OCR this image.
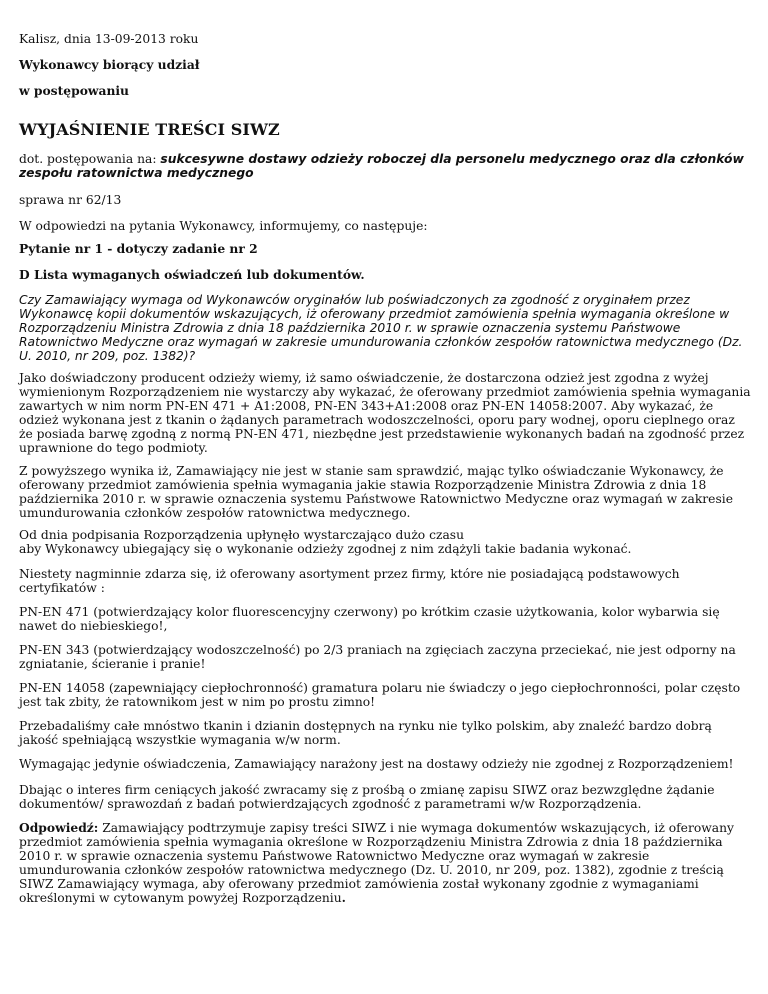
Kalisz, dnia 13-09-2013 roku

Wykonawcy biorący udział

w postępowaniu

WYJAŚNIENIE TREŚCI SIWZ

dot. postępowania na: sukcesywne dostawy odzieży roboczej dla personelu medycznego oraz dla członków zespołu ratownictwa medycznego

sprawa nr 62/13

W odpowiedzi na pytania Wykonawcy, informujemy, co następuje:

Pytanie nr 1 - dotyczy zadanie nr 2

D Lista wymaganych oświadczeń lub dokumentów.

Czy Zamawiający wymaga od Wykonawców oryginałów lub poświadczonych za zgodność z oryginałem przez Wykonawcę kopii dokumentów wskazujących, iż oferowany przedmiot zamówienia spełnia wymagania określone w Rozporządzeniu Ministra Zdrowia z dnia 18 października 2010 r. w sprawie oznaczenia systemu Państwowe Ratownictwo Medyczne oraz wymagań w zakresie umundurowania członków zespołów ratownictwa medycznego (Dz. U. 2010, nr 209, poz. 1382)?

Jako doświadczony producent odzieży wiemy, iż samo oświadczenie, że dostarczona odzież jest zgodna z wyżej wymienionym Rozporządzeniem nie wystarczy aby wykazać, że oferowany przedmiot zamówienia spełnia wymagania zawartych w nim norm PN-EN 471 + A1:2008, PN-EN 343+A1:2008 oraz PN-EN 14058:2007. Aby wykazać, że odzież wykonana jest z tkanin o żądanych parametrach wodoszczelności, oporu pary wodnej, oporu cieplnego oraz że posiada barwę zgodną z normą PN-EN 471, niezbędne jest przedstawienie wykonanych badań na zgodność przez uprawnione do tego podmioty.

Z powyższego wynika iż, Zamawiający nie jest w stanie sam sprawdzić, mając tylko oświadczanie Wykonawcy, że oferowany przedmiot zamówienia spełnia wymagania jakie stawia Rozporządzenie Ministra Zdrowia z dnia 18 października 2010 r. w sprawie oznaczenia systemu Państwowe Ratownictwo Medyczne oraz wymagań w zakresie umundurowania członków zespołów ratownictwa medycznego.

Od dnia podpisania Rozporządzenia upłynęło wystarczająco dużo czasu
aby Wykonawcy ubiegający się o wykonanie odzieży zgodnej z nim zdążyli takie badania wykonać.

Niestety nagminnie zdarza się, iż oferowany asortyment przez firmy, które nie posiadającą podstawowych certyfikatów :

PN-EN 471 (potwierdzający kolor fluorescencyjny czerwony) po krótkim czasie użytkowania, kolor wybarwia się nawet do niebieskiego!,

PN-EN 343 (potwierdzający wodoszczelność) po 2/3 praniach na zgięciach zaczyna przeciekać, nie jest odporny na zgniatanie, ścieranie i pranie!

PN-EN 14058 (zapewniający ciepłochronność) gramatura polaru nie świadczy o jego ciepłochronności, polar często jest tak zbity, że ratownikom jest w nim po prostu zimno!

Przebadaliśmy całe mnóstwo tkanin i dzianin dostępnych na rynku nie tylko polskim, aby znaleźć bardzo dobrą jakość spełniającą wszystkie wymagania w/w norm.

Wymagając jedynie oświadczenia, Zamawiający narażony jest na dostawy odzieży nie zgodnej z Rozporządzeniem!

Dbając o interes firm ceniących jakość zwracamy się z prośbą o zmianę zapisu SIWZ oraz bezwzględne żądanie dokumentów/ sprawozdań z badań potwierdzających zgodność z parametrami w/w Rozporządzenia.

Odpowiedź: Zamawiający podtrzymuje zapisy treści SIWZ i nie wymaga dokumentów wskazujących, iż oferowany przedmiot zamówienia spełnia wymagania określone w Rozporządzeniu Ministra Zdrowia z dnia 18 października 2010 r. w sprawie oznaczenia systemu Państwowe Ratownictwo Medyczne oraz wymagań w zakresie umundurowania członków zespołów ratownictwa medycznego (Dz. U. 2010, nr 209, poz. 1382), zgodnie z treścią SIWZ Zamawiający wymaga, aby oferowany przedmiot zamówienia został wykonany zgodnie z wymaganiami określonymi w cytowanym powyżej Rozporządzeniu.
